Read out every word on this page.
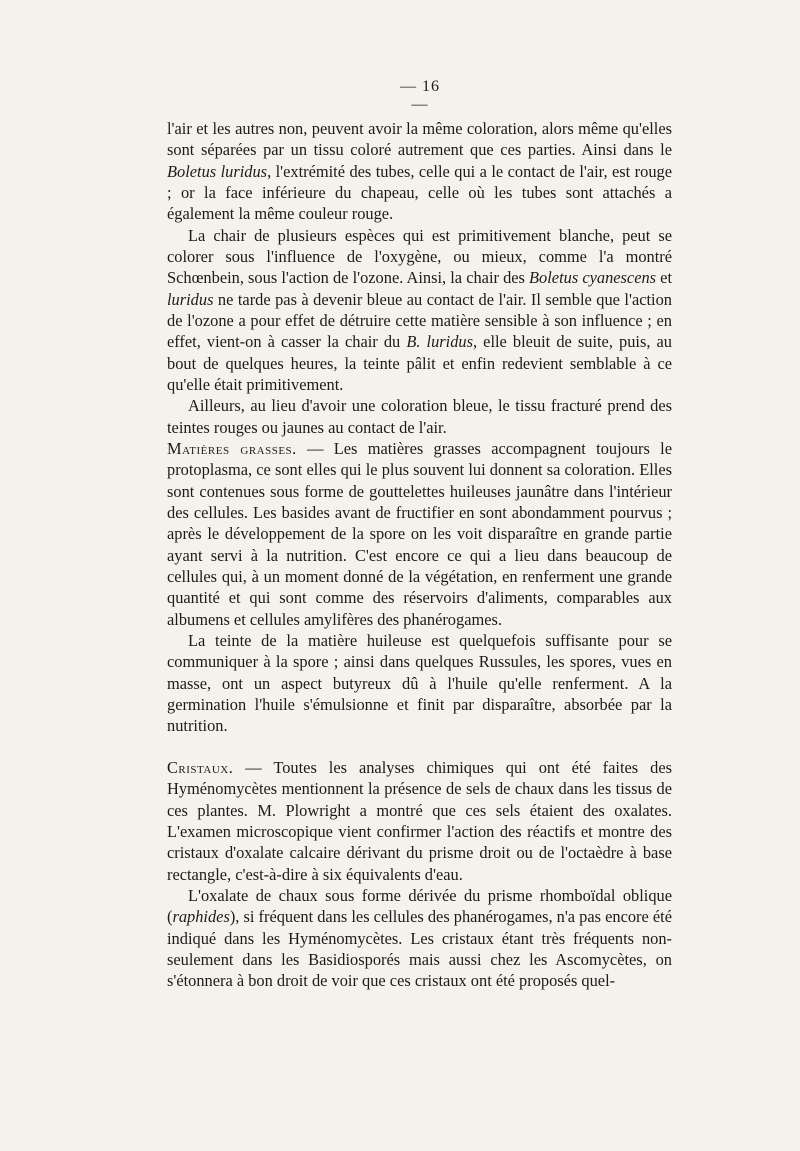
— 16 —

l'air et les autres non, peuvent avoir la même coloration, alors même qu'elles sont séparées par un tissu coloré autrement que ces parties. Ainsi dans le Boletus luridus, l'extrémité des tubes, celle qui a le contact de l'air, est rouge ; or la face inférieure du chapeau, celle où les tubes sont attachés a également la même couleur rouge.

La chair de plusieurs espèces qui est primitivement blanche, peut se colorer sous l'influence de l'oxygène, ou mieux, comme l'a montré Schœnbein, sous l'action de l'ozone. Ainsi, la chair des Boletus cyanescens et luridus ne tarde pas à devenir bleue au contact de l'air. Il semble que l'action de l'ozone a pour effet de détruire cette matière sensible à son influence ; en effet, vient-on à casser la chair du B. luridus, elle bleuit de suite, puis, au bout de quelques heures, la teinte pâlit et enfin redevient semblable à ce qu'elle était primitivement.

Ailleurs, au lieu d'avoir une coloration bleue, le tissu fracturé prend des teintes rouges ou jaunes au contact de l'air.

Matières grasses. — Les matières grasses accompagnent toujours le protoplasma, ce sont elles qui le plus souvent lui donnent sa coloration. Elles sont contenues sous forme de gouttelettes huileuses jaunâtre dans l'intérieur des cellules. Les basides avant de fructifier en sont abondamment pourvus ; après le développement de la spore on les voit disparaître en grande partie ayant servi à la nutrition. C'est encore ce qui a lieu dans beaucoup de cellules qui, à un moment donné de la végétation, en renferment une grande quantité et qui sont comme des réservoirs d'aliments, comparables aux albumens et cellules amylifères des phanérogames.

La teinte de la matière huileuse est quelquefois suffisante pour se communiquer à la spore ; ainsi dans quelques Russules, les spores, vues en masse, ont un aspect butyreux dû à l'huile qu'elle renferment. A la germination l'huile s'émulsionne et finit par disparaître, absorbée par la nutrition.

Cristaux. — Toutes les analyses chimiques qui ont été faites des Hyménomycètes mentionnent la présence de sels de chaux dans les tissus de ces plantes. M. Plowright a montré que ces sels étaient des oxalates. L'examen microscopique vient confirmer l'action des réactifs et montre des cristaux d'oxalate calcaire dérivant du prisme droit ou de l'octaèdre à base rectangle, c'est-à-dire à six équivalents d'eau.

L'oxalate de chaux sous forme dérivée du prisme rhomboïdal oblique (raphides), si fréquent dans les cellules des phanérogames, n'a pas encore été indiqué dans les Hyménomycètes. Les cristaux étant très fréquents non-seulement dans les Basidiosporés mais aussi chez les Ascomycètes, on s'étonnera à bon droit de voir que ces cristaux ont été proposés quel-
